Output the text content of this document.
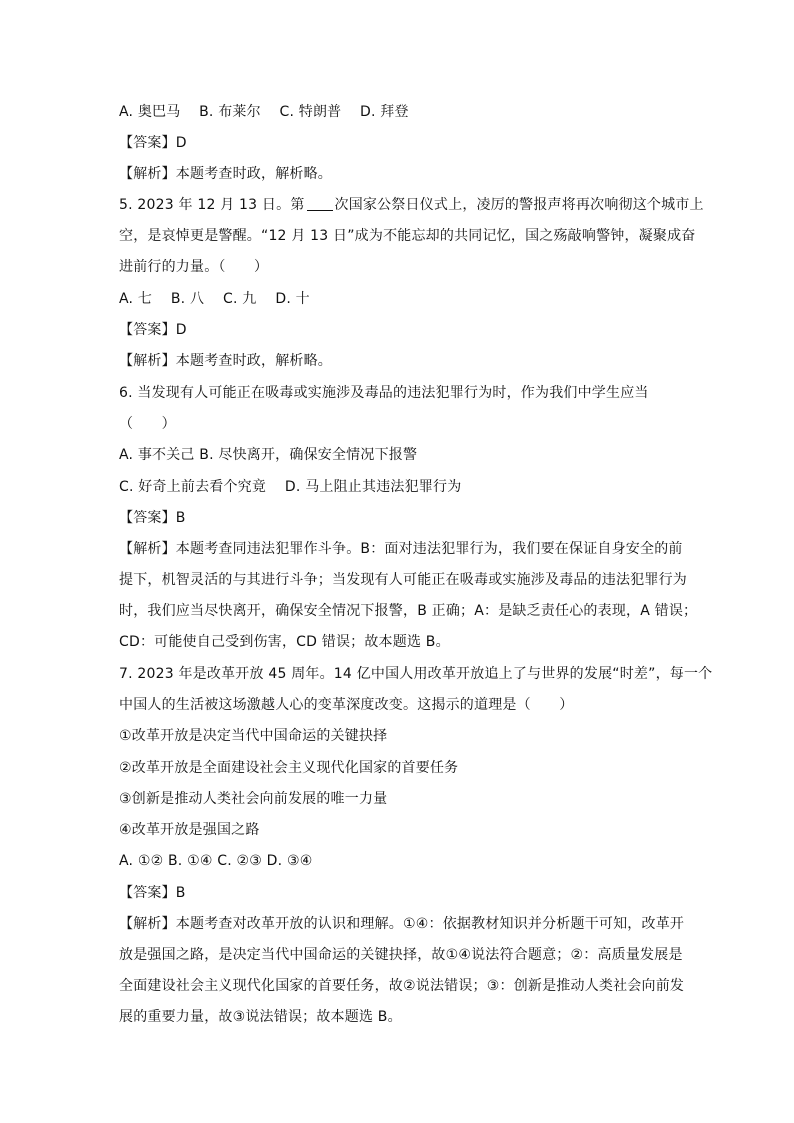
A. 奥巴马 B. 布莱尔 C. 特朗普 D. 拜登
【答案】D
【解析】本题考查时政，解析略。
5. 2023 年 12 月 13 日。第 次国家公祭日仪式上，凌厉的警报声将再次响彻这个城市上
空，是哀悼更是警醒。“12 月 13 日”成为不能忘却的共同记忆，国之殇敲响警钟，凝聚成奋
进前行的力量。（　　）
A. 七　 B. 八　 C. 九　 D. 十
【答案】D
【解析】本题考查时政，解析略。
6. 当发现有人可能正在吸毒或实施涉及毒品的违法犯罪行为时，作为我们中学生应当
（　　）
A. 事不关己 B. 尽快离开，确保安全情况下报警
C. 好奇上前去看个究竟　 D. 马上阻止其违法犯罪行为
【答案】B
【解析】本题考查同违法犯罪作斗争。B：面对违法犯罪行为，我们要在保证自身安全的前
提下，机智灵活的与其进行斗争；当发现有人可能正在吸毒或实施涉及毒品的违法犯罪行为
时，我们应当尽快离开，确保安全情况下报警，B 正确；A：是缺乏责任心的表现，A 错误；
CD：可能使自己受到伤害，CD 错误；故本题选 B。
7. 2023 年是改革开放 45 周年。14 亿中国人用改革开放追上了与世界的发展“时差”，每一个
中国人的生活被这场激越人心的变革深度改变。这揭示的道理是（　　）
①改革开放是决定当代中国命运的关键抉择
②改革开放是全面建设社会主义现代化国家的首要任务
③创新是推动人类社会向前发展的唯一力量
④改革开放是强国之路
A. ①② B. ①④ C. ②③ D. ③④
【答案】B
【解析】本题考查对改革开放的认识和理解。①④：依据教材知识并分析题干可知，改革开
放是强国之路，是决定当代中国命运的关键抉择，故①④说法符合题意；②：高质量发展是
全面建设社会主义现代化国家的首要任务，故②说法错误；③：创新是推动人类社会向前发
展的重要力量，故③说法错误；故本题选 B。
